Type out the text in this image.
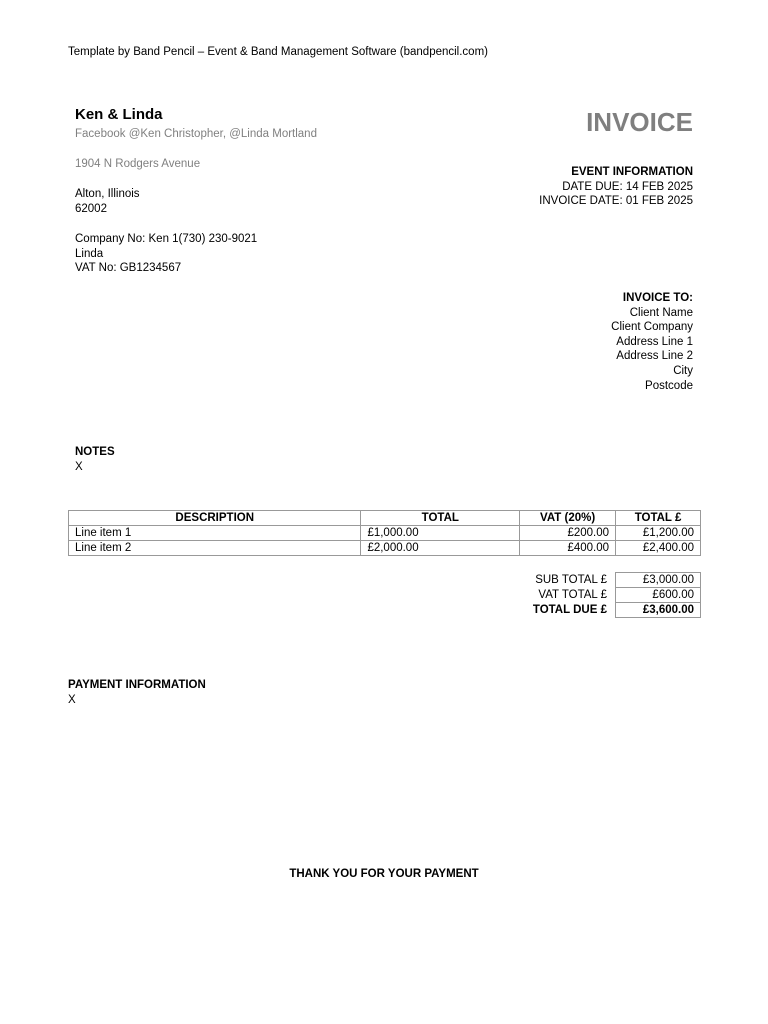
Template by Band Pencil – Event & Band Management Software (bandpencil.com)
Ken & Linda
Facebook @Ken Christopher, @Linda Mortland
1904 N Rodgers Avenue
Alton, Illinois
62002
Company No: Ken 1(730) 230-9021
Linda
VAT No: GB1234567
INVOICE
EVENT INFORMATION
DATE DUE: 14 FEB 2025
INVOICE DATE: 01 FEB 2025
INVOICE TO:
Client Name
Client Company
Address Line 1
Address Line 2
City
Postcode
NOTES
X
DESCRIPTION	TOTAL	VAT (20%)	TOTAL £
Line item 1	£1,000.00	£200.00	£1,200.00
Line item 2	£2,000.00	£400.00	£2,400.00
SUB TOTAL £	£3,000.00
VAT TOTAL £	£600.00
TOTAL DUE £	£3,600.00
PAYMENT INFORMATION
X
THANK YOU FOR YOUR PAYMENT
